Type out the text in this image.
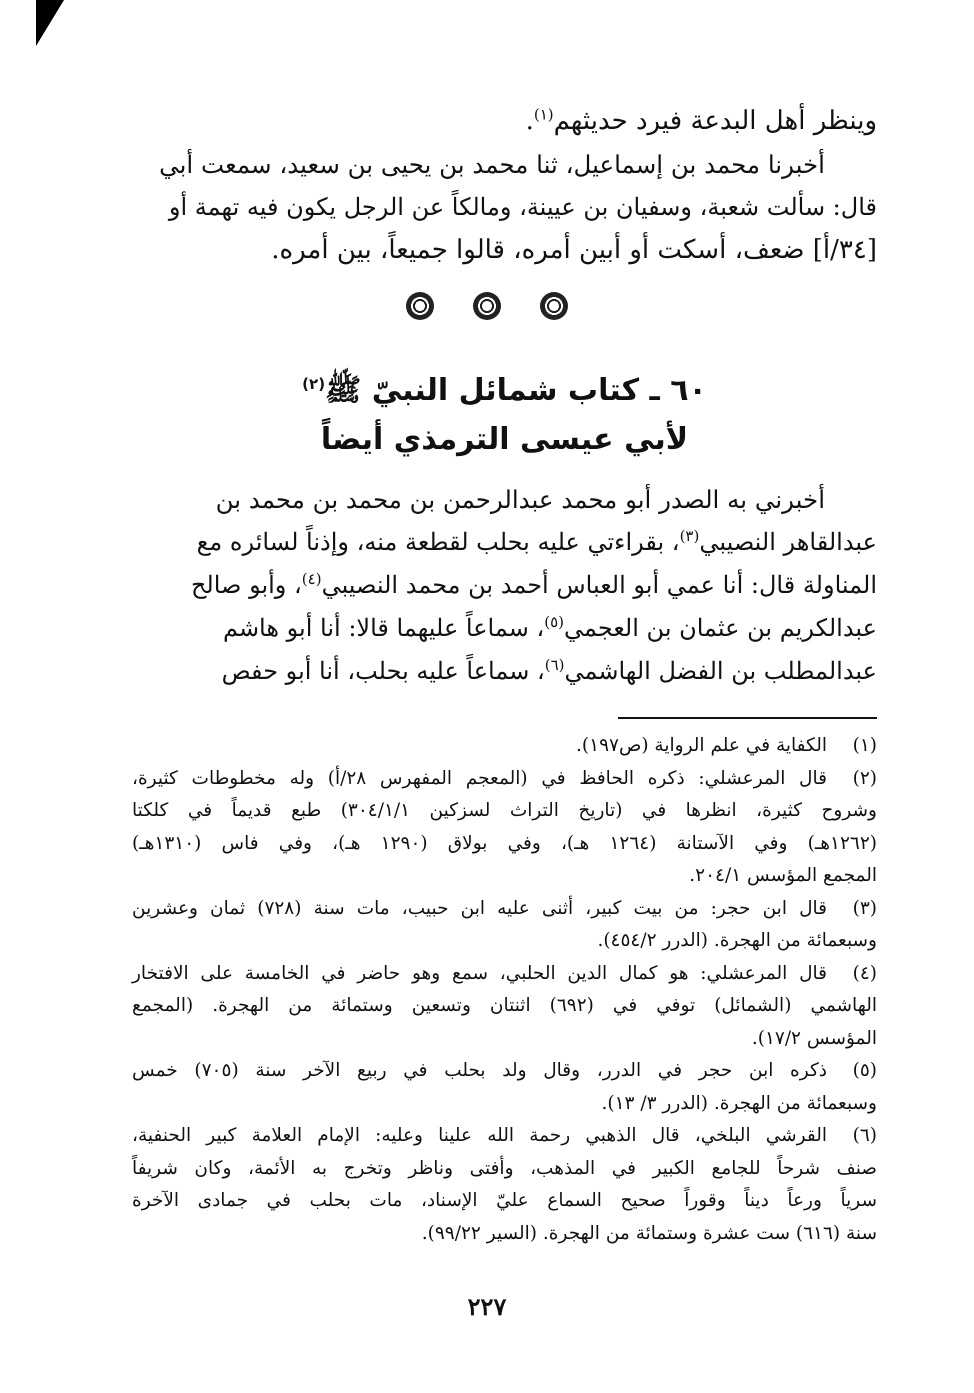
وينظر أهل البدعة فيرد حديثهم$^{(١)}$.
أخبرنا محمد بن إسماعيل، ثنا محمد بن يحيى بن سعيد، سمعت أبي
قال: سألت شعبة، وسفيان بن عيينة، ومالكاً عن الرجل يكون فيه تهمة أو
[٣٤/أ] ضعف، أسكت أو أبين أمره، قالوا جميعاً، بين أمره.

٦٠ ـ كتاب شمائل النبيّ ﷺ$^{(٢)}$
لأبي عيسى الترمذي أيضاً
أخبرني به الصدر أبو محمد عبدالرحمن بن محمد بن محمد بن
عبدالقاهر النصيبي$^{(٣)}$، بقراءتي عليه بحلب لقطعة منه، وإذناً لسائره مع
المناولة قال: أنا عمي أبو العباس أحمد بن محمد النصيبي$^{(٤)}$، وأبو صالح
عبدالكريم بن عثمان بن العجمي$^{(٥)}$، سماعاً عليهما قالا: أنا أبو هاشم
عبدالمطلب بن الفضل الهاشمي$^{(٦)}$، سماعاً عليه بحلب، أنا أبو حفص
(١)
الكفاية في علم الرواية (ص١٩٧).
(٢)
قال المرعشلي: ذكره الحافظ في (المعجم المفهرس ٢٨/أ) وله مخطوطات كثيرة،
وشروح كثيرة، انظرها في (تاريخ التراث لسزكين ٣٠٤/١/١) طبع قديماً في كلكتا
(١٢٦٢هـ) وفي الآستانة (١٢٦٤ هـ)، وفي بولاق (١٢٩٠ هـ)، وفي فاس (١٣١٠هـ)
المجمع المؤسس ٢٠٤/١.
(٣)
قال ابن حجر: من بيت كبير، أثنى عليه ابن حبيب، مات سنة (٧٢٨) ثمان وعشرين
وسبعمائة من الهجرة. (الدرر ٤٥٤/٢).
(٤)
قال المرعشلي: هو كمال الدين الحلبي، سمع وهو حاضر في الخامسة على الافتخار
الهاشمي (الشمائل) توفي في (٦٩٢) اثنتان وتسعين وستمائة من الهجرة. (المجمع
المؤسس ١٧/٢).
(٥)
ذكره ابن حجر في الدرر، وقال ولد بحلب في ربيع الآخر سنة (٧٠٥) خمس
وسبعمائة من الهجرة. (الدرر ٣/ ١٣).
(٦)
القرشي البلخي، قال الذهبي رحمة الله علينا وعليه: الإمام العلامة كبير الحنفية،
صنف شرحاً للجامع الكبير في المذهب، وأفتى وناظر وتخرج به الأئمة، وكان شريفاً
سرياً ورعاً ديناً وقوراً صحيح السماع عليّ الإسناد، مات بحلب في جمادى الآخرة
سنة (٦١٦) ست عشرة وستمائة من الهجرة. (السير ٩٩/٢٢).
٢٢٧
